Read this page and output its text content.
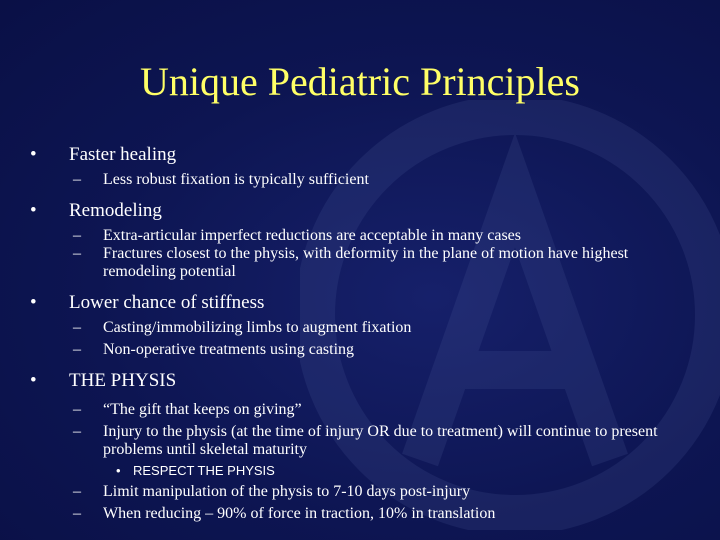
Unique Pediatric Principles
•	Faster healing
– Less robust fixation is typically sufficient
•	Remodeling
– Extra-articular imperfect reductions are acceptable in many cases
– Fractures closest to the physis, with deformity in the plane of motion have highest remodeling potential
•	Lower chance of stiffness
– Casting/immobilizing limbs to augment fixation
– Non-operative treatments using casting
•	THE PHYSIS
– “The gift that keeps on giving”
– Injury to the physis (at the time of injury OR due to treatment) will continue to present problems until skeletal maturity
• RESPECT THE PHYSIS
– Limit manipulation of the physis to 7-10 days post-injury
– When reducing – 90% of force in traction, 10% in translation
